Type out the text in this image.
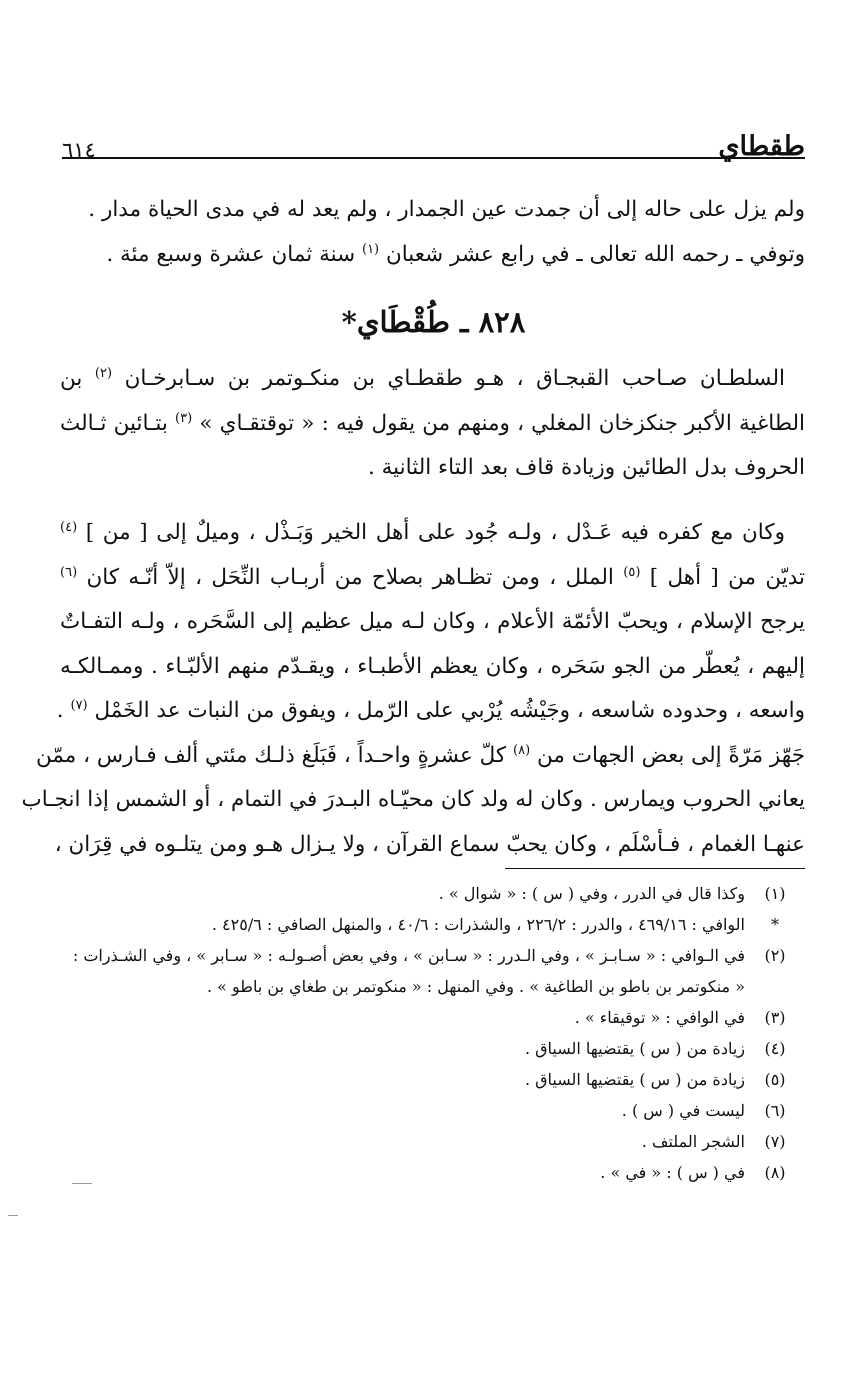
٦١٤	طقطاي
ولم يزل على حاله إلى أن جمدت عين الجمدار ، ولم يعد له في مدى الحياة مدار .
وتوفي ـ رحمه الله تعالى ـ في رابع عشر شعبان $^{(١)}$ سنة ثمان عشرة وسبع مئة .
٨٢٨ ـ طُقْطَاي*
السلطـان صـاحب القبجـاق ، هـو طقطـاي بن منكـوتمر بن سـابرخـان $^{(٢)}$ بن
الطاغية الأكبر جنكزخان المغلي ، ومنهم من يقول فيه : « توقتقـاي » $^{(٣)}$ بتـائين ثـالث
الحروف بدل الطائين وزيادة قاف بعد التاء الثانية .
وكان مع كفره فيه عَـدْل ، ولـه جُود على أهل الخير وَبَـذْل ، وميلٌ إلى [ من ] $^{(٤)}$
تديّن من [ أهل ] $^{(٥)}$ الملل ، ومن تظـاهر بصلاح من أربـاب النِّحَل ، إلاّ أنّـه كان $^{(٦)}$
يرجح الإسلام ، ويحبّ الأئمّة الأعلام ، وكان لـه ميل عظيم إلى السَّحَره ، ولـه التفـاتٌ
إليهم ، يُعطّر من الجو سَحَره ، وكان يعظم الأطبـاء ، ويقـدّم منهم الألبّـاء . وممـالكـه
واسعه ، وحدوده شاسعه ، وجَيْشُه يُرْبي على الرّمل ، ويفوق من النبات عد الخَمْل $^{(٧)}$ .
جَهّز مَرّةً إلى بعض الجهات من $^{(٨)}$ كلّ عشرةٍ واحـداً ، فَبَلَغ ذلـك مئتي ألف فـارس ، ممّن
يعاني الحروب ويمارس . وكان له ولد كان محيّـاه البـدرَ في التمام ، أو الشمس إذا انجـاب
عنهـا الغمام ، فـأسْلَم ، وكان يحبّ سماع القرآن ، ولا يـزال هـو ومن يتلـوه في قِرَان ،
(١)
وكذا قال في الدرر ، وفي ( س ) : « شوال » .
*
الوافي : ٤٦٩/١٦ ، والدرر : ٢٢٦/٢ ، والشذرات : ٤٠/٦ ، والمنهل الصافي : ٤٢٥/٦ .
(٢)
في الـوافي : « سـابـز » ، وفي الـدرر : « سـابن » ، وفي بعض أصـولـه : « سـابر » ، وفي الشـذرات :
« منكوتمر بن باطو بن الطاغية » . وفي المنهل : « منكوتمر بن طغاي بن باطو » .
(٣)
في الوافي : « توقيقاء » .
(٤)
زيادة من ( س ) يقتضيها السياق .
(٥)
زيادة من ( س ) يقتضيها السياق .
(٦)
ليست في ( س ) .
(٧)
الشجر الملتف .
(٨)
في ( س ) : « في » .
